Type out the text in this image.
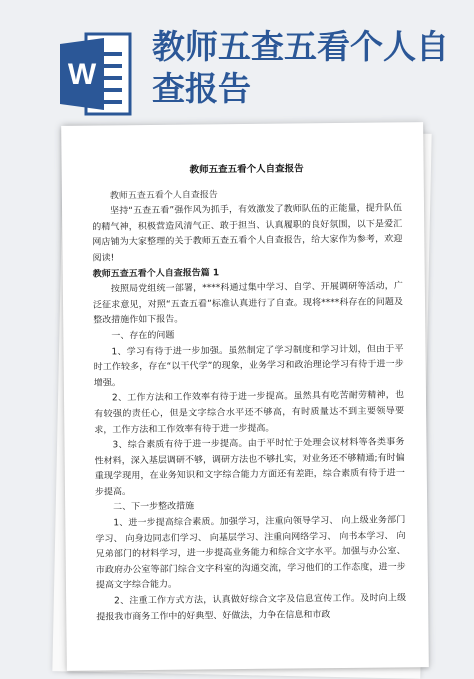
W
教师五查五看个人自查报告
教师五查五看个人自查报告

教师五查五看个人自查报告

坚持“五查五看”强作风为抓手，有效激发了教师队伍的正能量，提升队伍的精气神，积极营造风清气正、敢于担当、认真履职的良好氛围，以下是爱汇网店铺为大家整理的关于教师五查五看个人自查报告，给大家作为参考，欢迎阅读!

教师五查五看个人自查报告篇 1

按照局党组统一部署，****科通过集中学习、自学、开展调研等活动，广泛征求意见，对照“五查五看”标准认真进行了自查。现将****科存在的问题及整改措施作如下报告。

一、存在的问题

1、学习有待于进一步加强。虽然制定了学习制度和学习计划，但由于平时工作较多，存在“以干代学”的现象，业务学习和政治理论学习有待于进一步增强。

2、工作方法和工作效率有待于进一步提高。虽然具有吃苦耐劳精神，也有较强的责任心，但是文字综合水平还不够高，有时质量达不到主要领导要求，工作方法和工作效率有待于进一步提高。

3、综合素质有待于进一步提高。由于平时忙于处理会议材料等各类事务性材料，深入基层调研不够，调研方法也不够扎实，对业务还不够精通;有时偏重现学现用，在业务知识和文字综合能力方面还有差距，综合素质有待于进一步提高。

二、下一步整改措施

1、进一步提高综合素质。加强学习，注重向领导学习、 向上级业务部门学习、 向身边同志们学习、 向基层学习、注重向网络学习、 向书本学习、 向兄弟部门的材料学习，进一步提高业务能力和综合文字水平。加强与办公室、市政府办公室等部门综合文字科室的沟通交流，学习他们的工作态度，进一步提高文字综合能力。

2、注重工作方式方法，认真做好综合文字及信息宣传工作。及时向上级提报我市商务工作中的好典型、好做法，力争在信息和市政
